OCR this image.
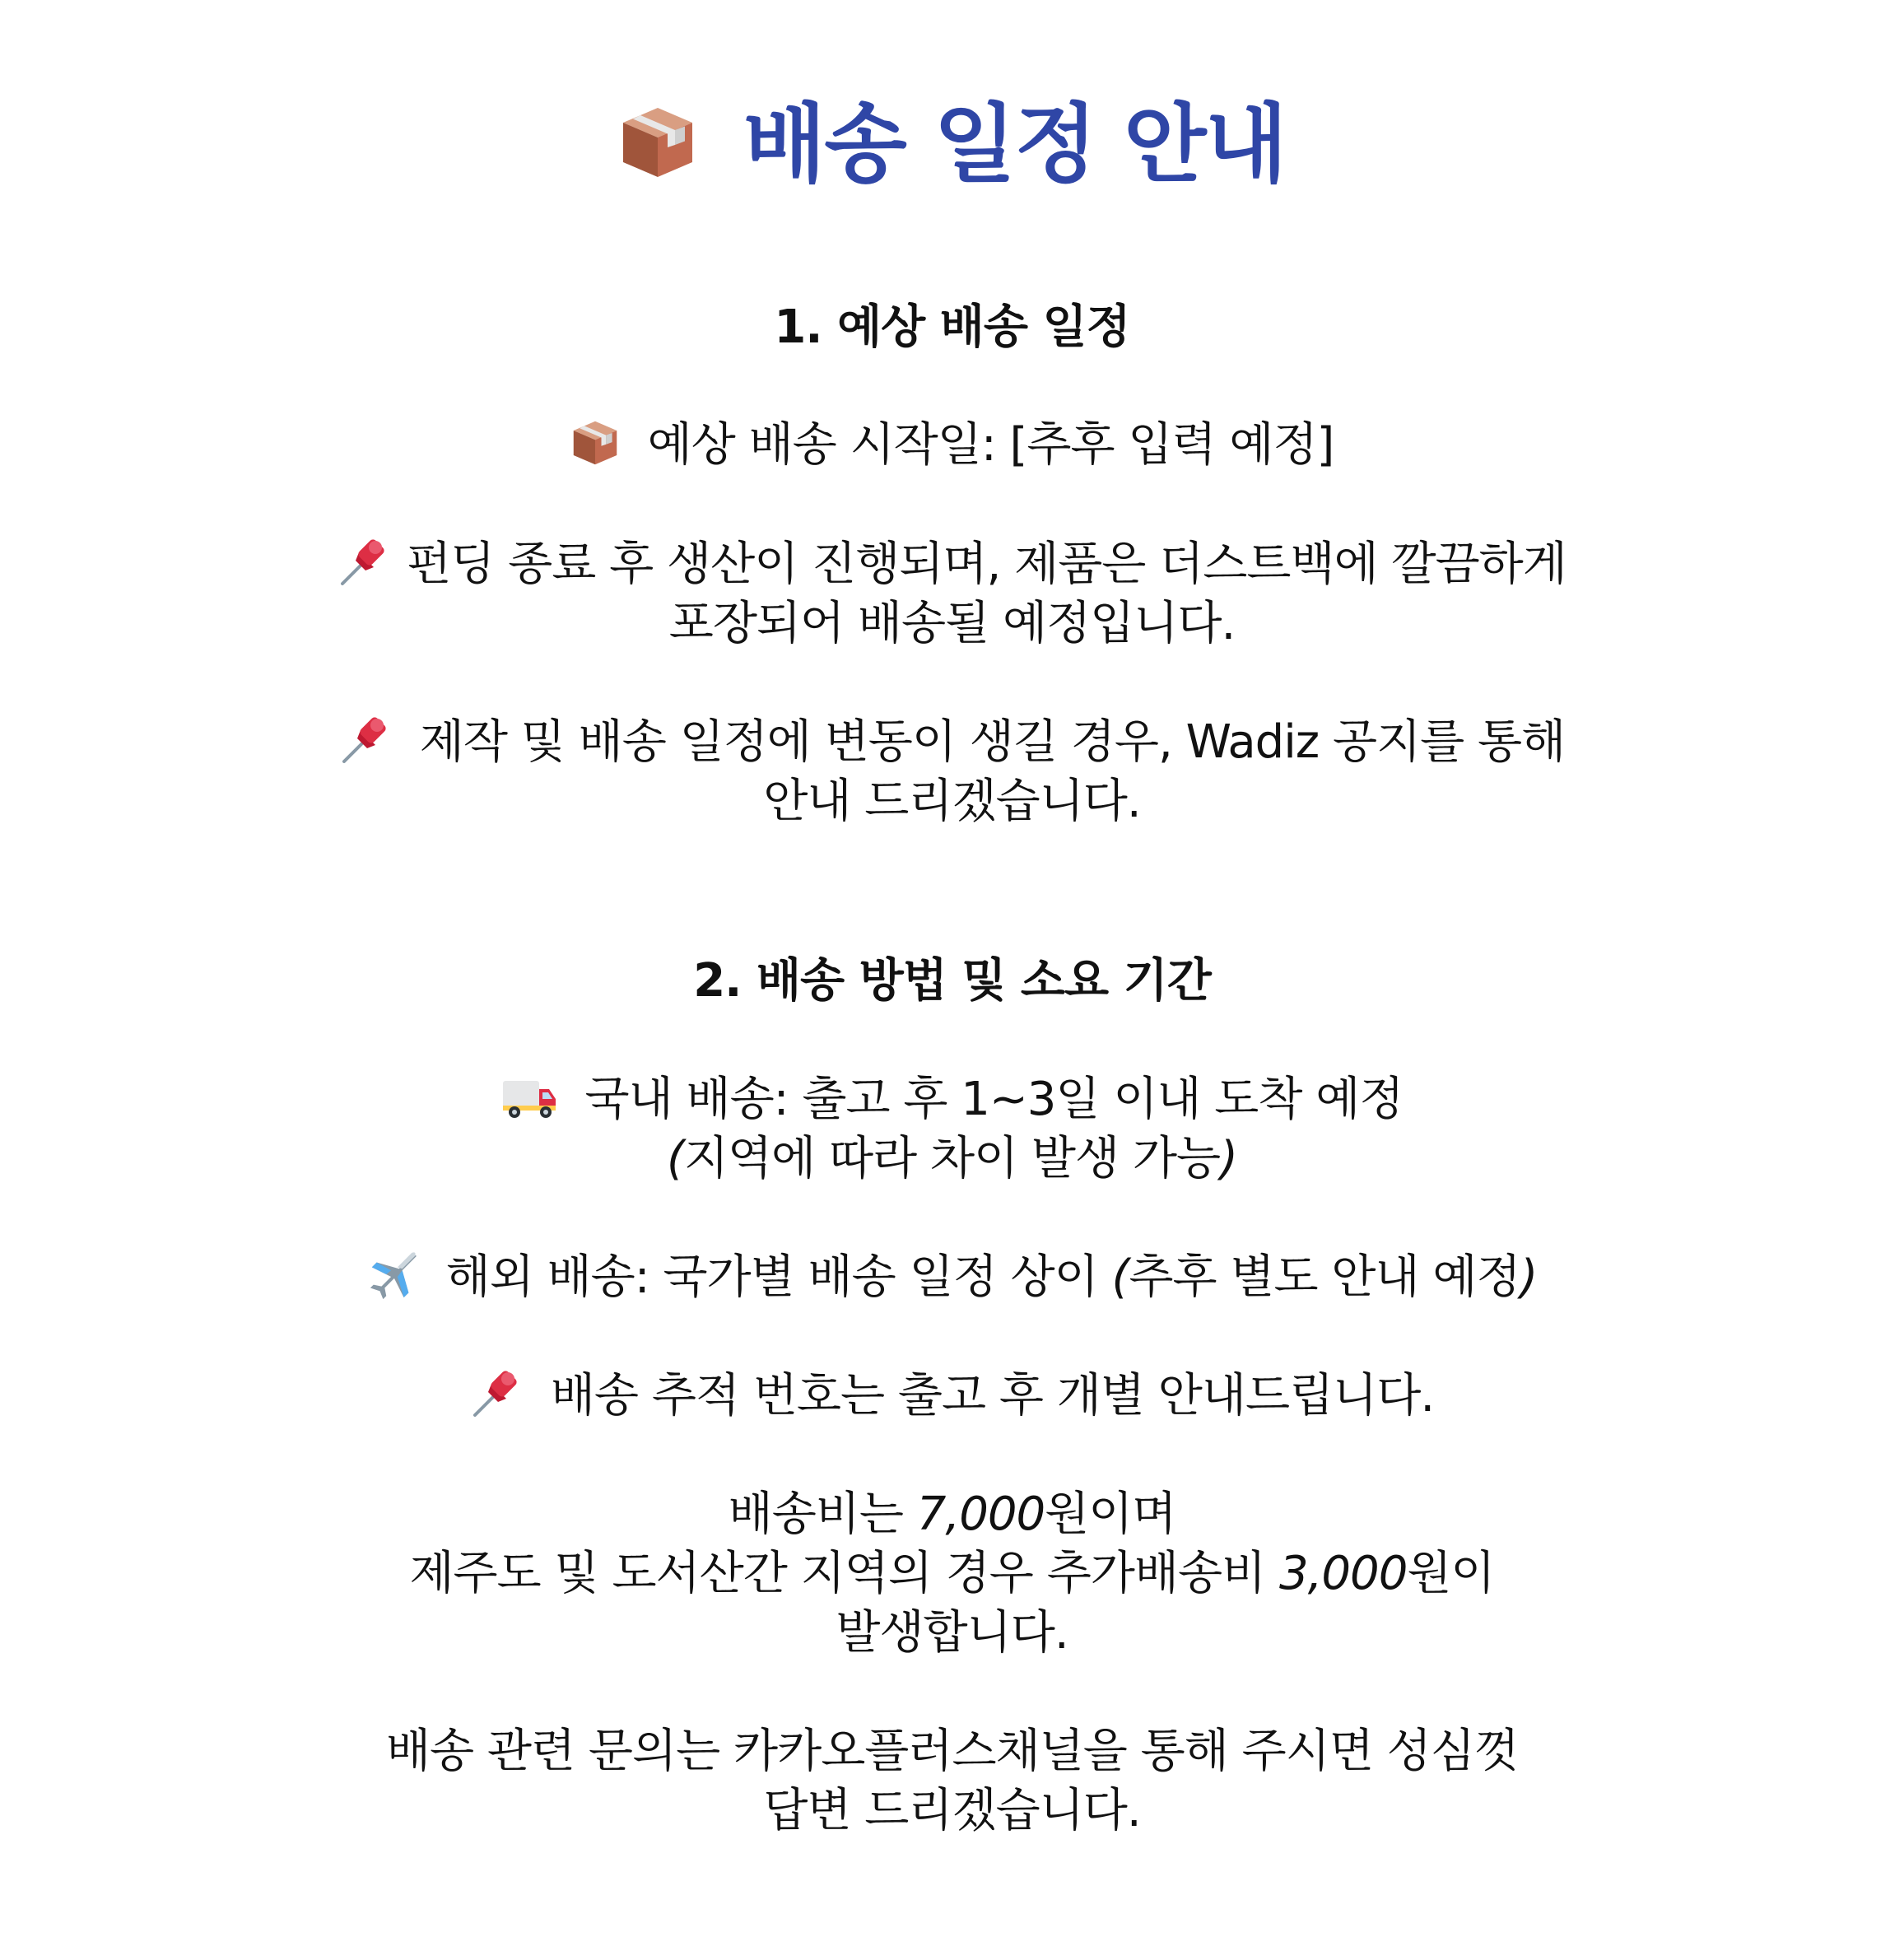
배송 일정 안내
1. 예상 배송 일정
예상 배송 시작일: [추후 입력 예정]
펀딩 종료 후 생산이 진행되며, 제품은 더스트백에 깔끔하게
포장되어 배송될 예정입니다.
제작 및 배송 일정에 변동이 생길 경우, Wadiz 공지를 통해
안내 드리겠습니다.
2. 배송 방법 및 소요 기간
국내 배송: 출고 후 1~3일 이내 도착 예정
(지역에 따라 차이 발생 가능)
해외 배송: 국가별 배송 일정 상이 (추후 별도 안내 예정)
배송 추적 번호는 출고 후 개별 안내드립니다.
배송비는 7,000원이며
제주도 및 도서산간 지역의 경우 추가배송비 3,000원이
발생합니다.
배송 관련 문의는 카카오플러스채널을 통해 주시면 성심껏
답변 드리겠습니다.
